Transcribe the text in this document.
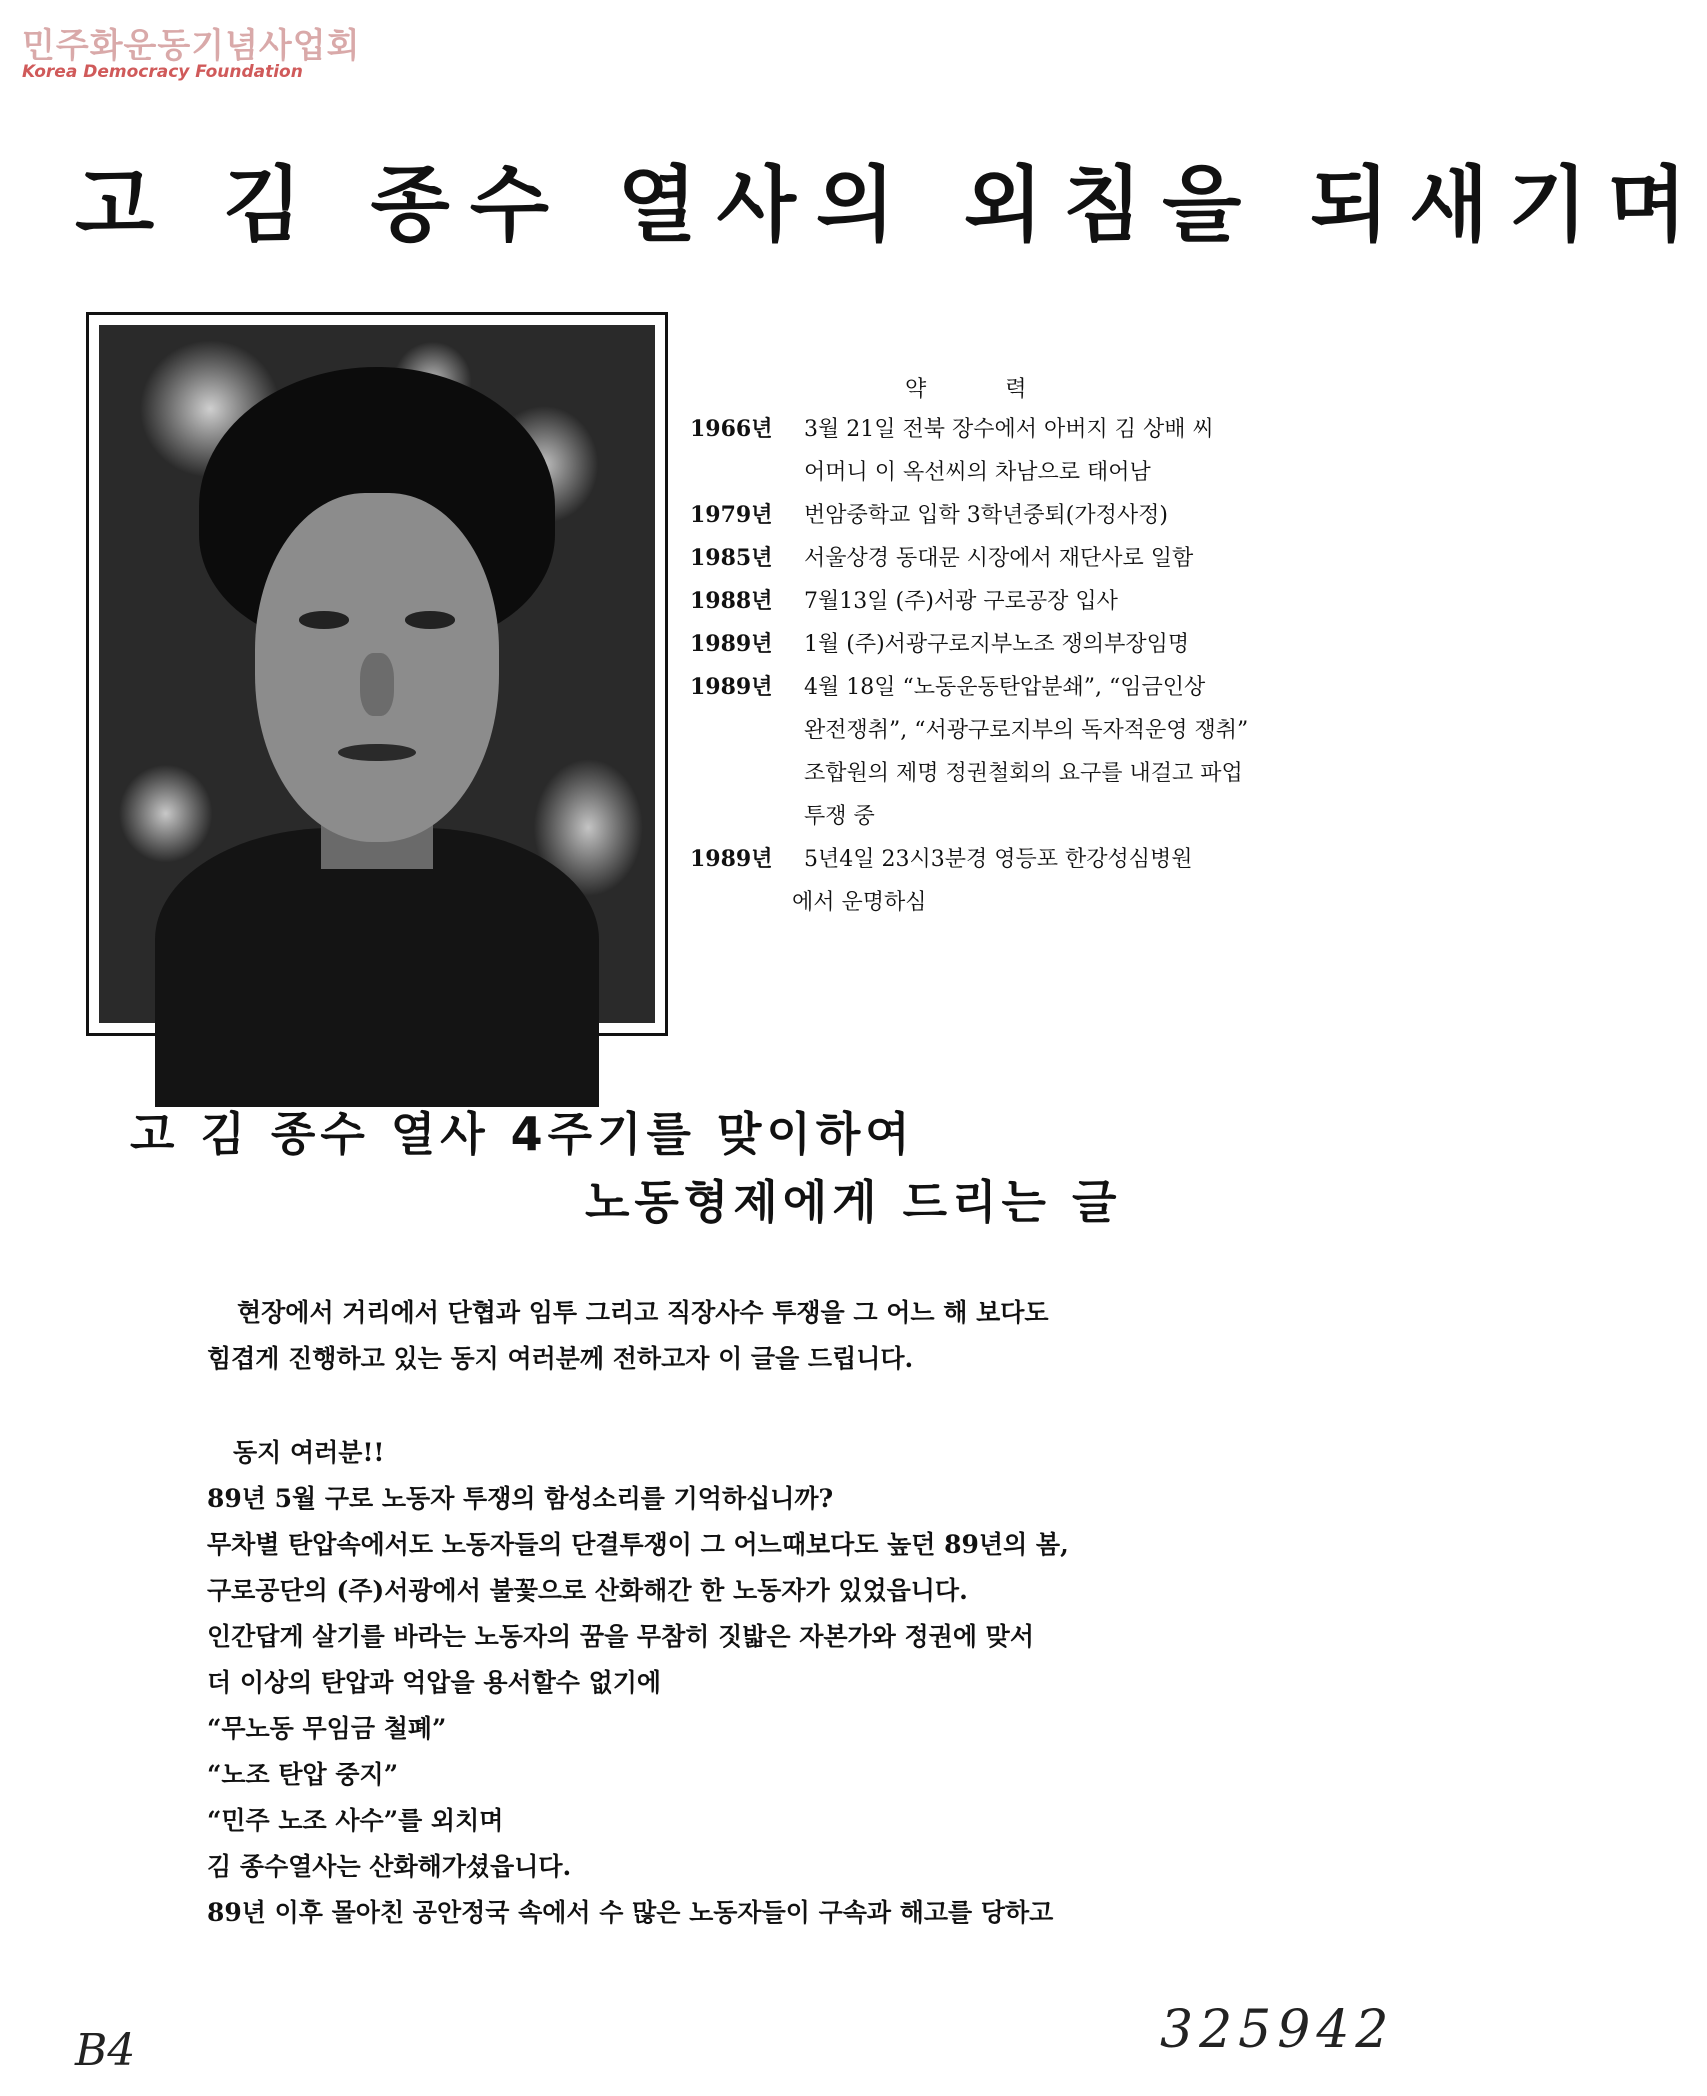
민주화운동기념사업회
Korea Democracy Foundation
고 김 종수 열사의 외침을 되새기며
약 력
1966년	3월 21일 전북 장수에서 아버지 김 상배 씨
어머니 이 옥선씨의 차남으로 태어남
1979년	번암중학교 입학 3학년중퇴(가정사정)
1985년	서울상경 동대문 시장에서 재단사로 일함
1988년	7월13일 (주)서광 구로공장 입사
1989년	1월 (주)서광구로지부노조 쟁의부장임명
1989년	4월 18일 “노동운동탄압분쇄”, “임금인상
완전쟁취”, “서광구로지부의 독자적운영 쟁취”
조합원의 제명 정권철회의 요구를 내걸고 파업
투쟁 중
1989년	5년4일 23시3분경 영등포 한강성심병원
에서 운명하심
고 김 종수 열사 4주기를 맞이하여
노동형제에게 드리는 글
현장에서 거리에서 단협과 임투 그리고 직장사수 투쟁을 그 어느 해 보다도
힘겹게 진행하고 있는 동지 여러분께 전하고자 이 글을 드립니다.
동지 여러분!!
89년 5월 구로 노동자 투쟁의 함성소리를 기억하십니까?
무차별 탄압속에서도 노동자들의 단결투쟁이 그 어느때보다도 높던 89년의 봄,
구로공단의 (주)서광에서 불꽃으로 산화해간 한 노동자가 있었읍니다.
인간답게 살기를 바라는 노동자의 꿈을 무참히 짓밟은 자본가와 정권에 맞서
더 이상의 탄압과 억압을 용서할수 없기에
“무노동 무임금 철폐”
“노조 탄압 중지”
“민주 노조 사수”를 외치며
김 종수열사는 산화해가셨읍니다.
89년 이후 몰아친 공안정국 속에서 수 많은 노동자들이 구속과 해고를 당하고
B4	325942
